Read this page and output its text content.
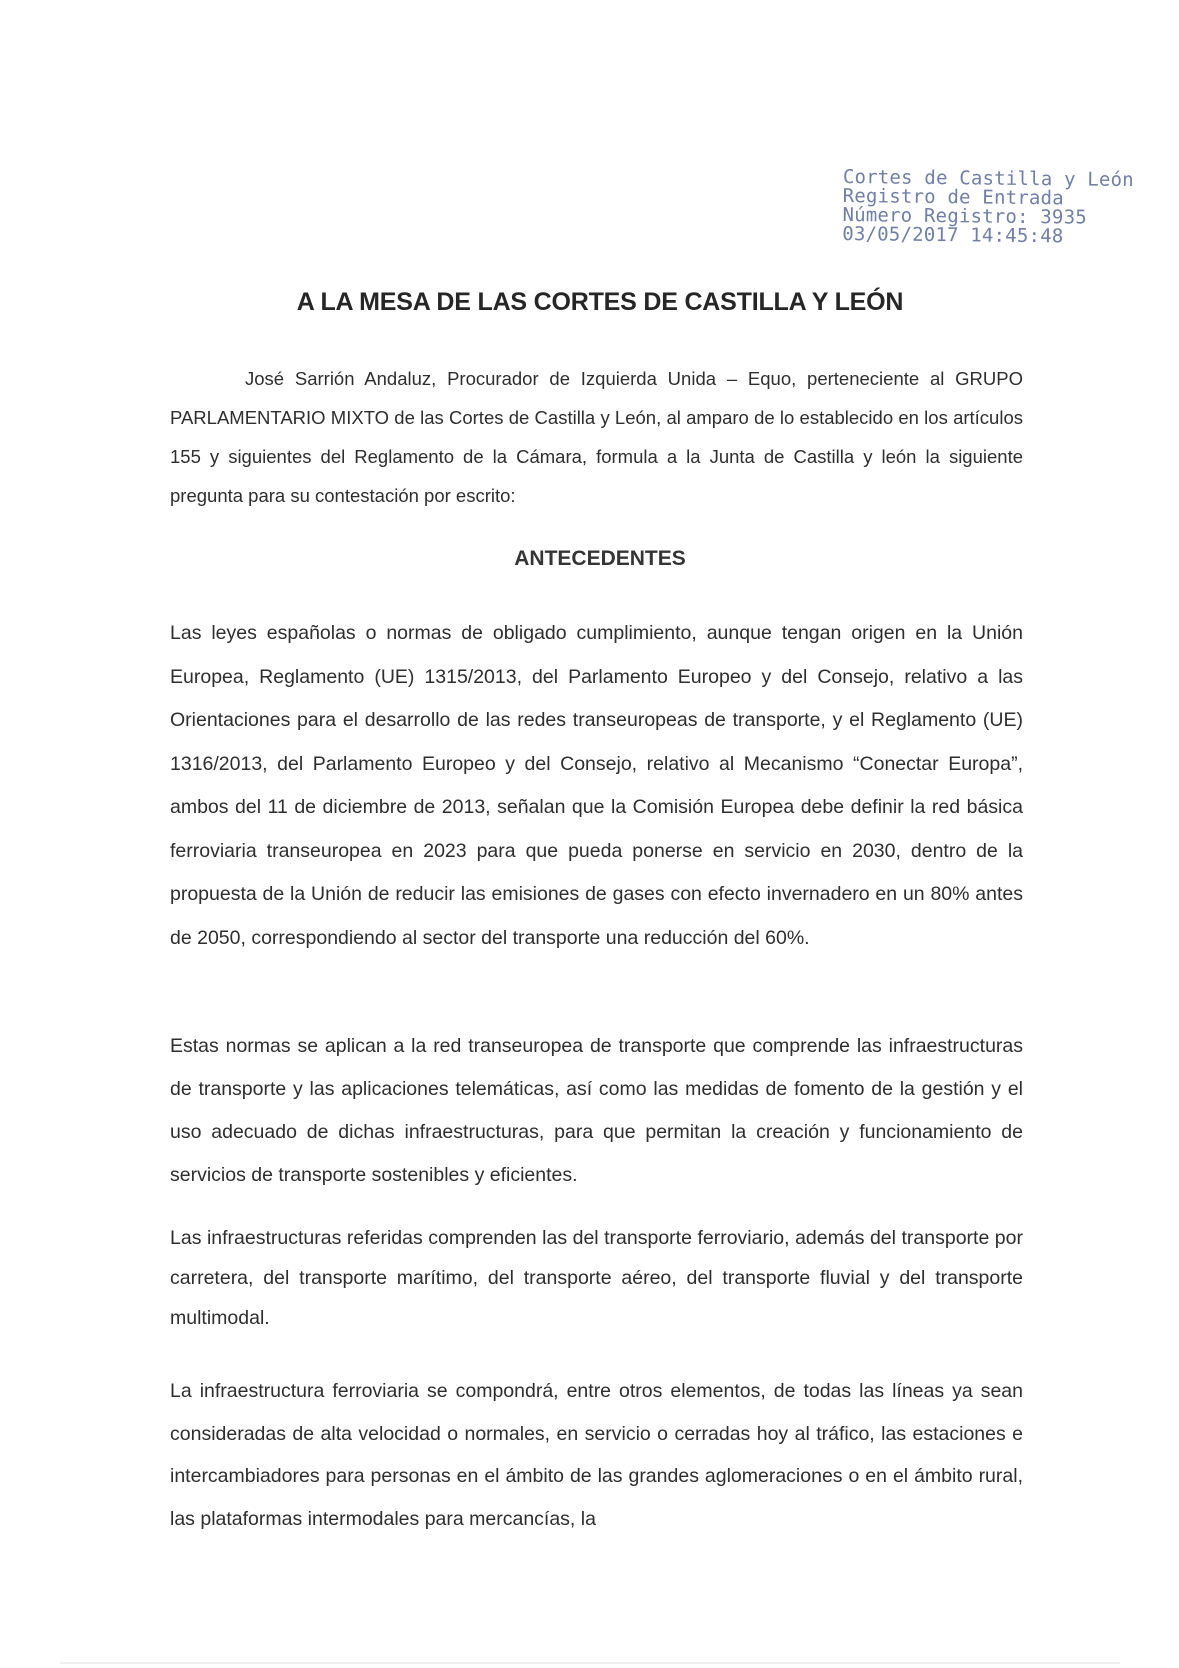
Cortes de Castilla y León
Registro de Entrada
Número Registro: 3935
03/05/2017 14:45:48
A LA MESA DE LAS CORTES DE CASTILLA Y LEÓN
José Sarrión Andaluz, Procurador de Izquierda Unida – Equo, perteneciente al GRUPO PARLAMENTARIO MIXTO de las Cortes de Castilla y León, al amparo de lo establecido en los artículos 155 y siguientes del Reglamento de la Cámara, formula a la Junta de Castilla y león la siguiente pregunta para su contestación por escrito:
ANTECEDENTES
Las leyes españolas o normas de obligado cumplimiento, aunque tengan origen en la Unión Europea, Reglamento (UE) 1315/2013, del Parlamento Europeo y del Consejo, relativo a las Orientaciones para el desarrollo de las redes transeuropeas de transporte, y el Reglamento (UE) 1316/2013, del Parlamento Europeo y del Consejo, relativo al Mecanismo “Conectar Europa”, ambos del 11 de diciembre de 2013, señalan que la Comisión Europea debe definir la red básica ferroviaria transeuropea en 2023 para que pueda ponerse en servicio en 2030, dentro de la propuesta de la Unión de reducir las emisiones de gases con efecto invernadero en un 80% antes de 2050, correspondiendo al sector del transporte una reducción del 60%.
Estas normas se aplican a la red transeuropea de transporte que comprende las infraestructuras de transporte y las aplicaciones telemáticas, así como las medidas de fomento de la gestión y el uso adecuado de dichas infraestructuras, para que permitan la creación y funcionamiento de servicios de transporte sostenibles y eficientes.
Las infraestructuras referidas comprenden las del transporte ferroviario, además del transporte por carretera, del transporte marítimo, del transporte aéreo, del transporte fluvial y del transporte multimodal.
La infraestructura ferroviaria se compondrá, entre otros elementos, de todas las líneas ya sean consideradas de alta velocidad o normales, en servicio o cerradas hoy al tráfico, las estaciones e intercambiadores para personas en el ámbito de las grandes aglomeraciones o en el ámbito rural, las plataformas intermodales para mercancías, la
